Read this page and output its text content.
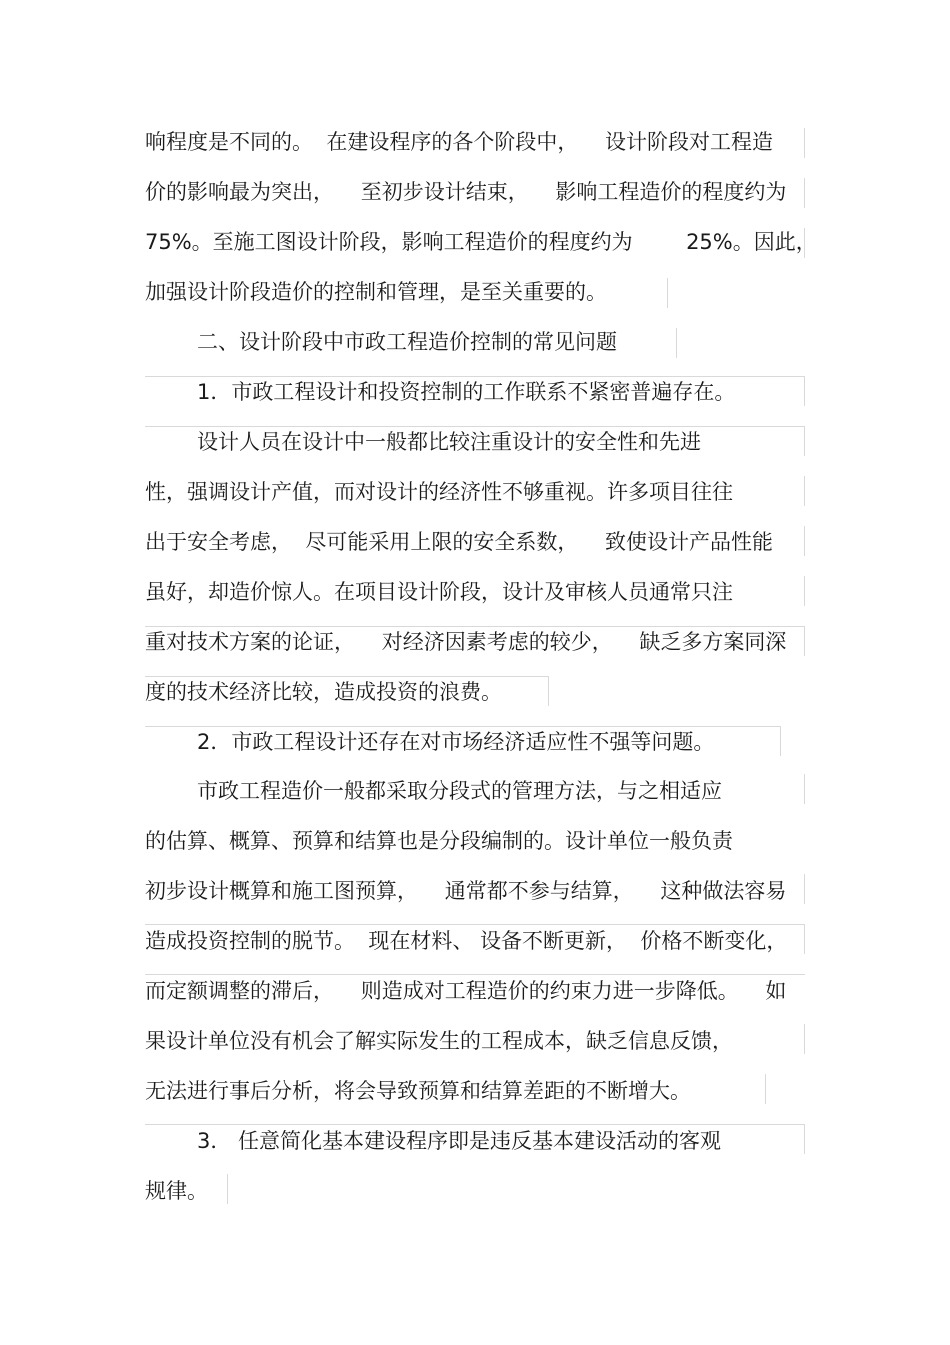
响程度是不同的。  在建设程序的各个阶段中，    设计阶段对工程造
价的影响最为突出，    至初步设计结束，    影响工程造价的程度约为
75%。至施工图设计阶段，影响工程造价的程度约为        25%。因此，
加强设计阶段造价的控制和管理，是至关重要的。
二、设计阶段中市政工程造价控制的常见问题
1．市政工程设计和投资控制的工作联系不紧密普遍存在。
设计人员在设计中一般都比较注重设计的安全性和先进
性，强调设计产值，而对设计的经济性不够重视。许多项目往往
出于安全考虑，  尽可能采用上限的安全系数，    致使设计产品性能
虽好，却造价惊人。在项目设计阶段，设计及审核人员通常只注
重对技术方案的论证，    对经济因素考虑的较少，    缺乏多方案同深
度的技术经济比较，造成投资的浪费。
2．市政工程设计还存在对市场经济适应性不强等问题。
市政工程造价一般都采取分段式的管理方法，与之相适应
的估算、概算、预算和结算也是分段编制的。设计单位一般负责
初步设计概算和施工图预算，    通常都不参与结算，    这种做法容易
造成投资控制的脱节。  现在材料、 设备不断更新，  价格不断变化，
而定额调整的滞后，    则造成对工程造价的约束力进一步降低。    如
果设计单位没有机会了解实际发生的工程成本，缺乏信息反馈，
无法进行事后分析，将会导致预算和结算差距的不断增大。
3． 任意简化基本建设程序即是违反基本建设活动的客观
规律。
